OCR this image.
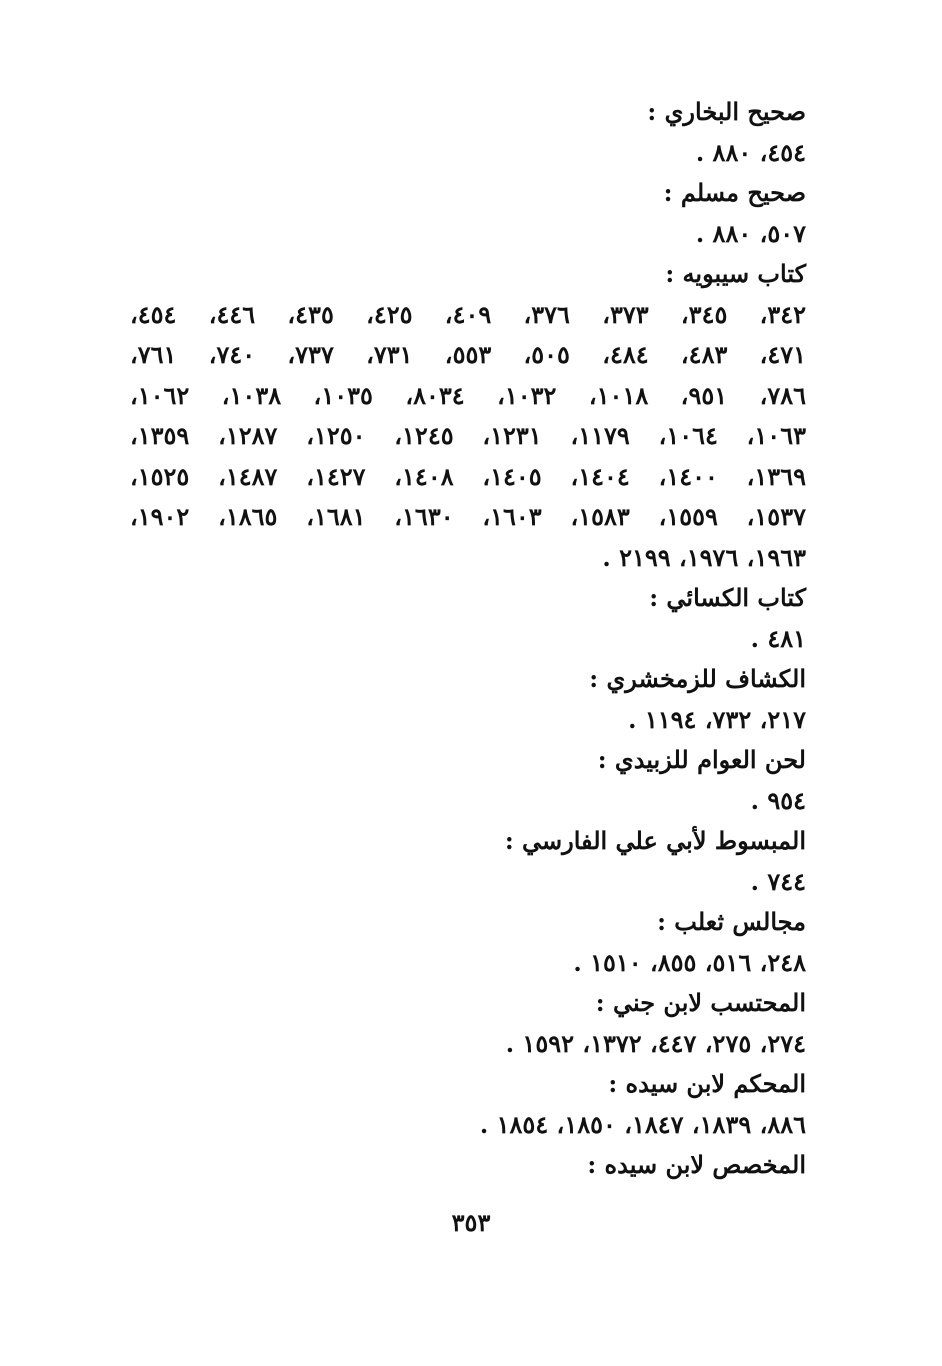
صحيح البخاري :
٤٥٤، ٨٨٠ .
صحيح مسلم :
٥٠٧، ٨٨٠ .
كتاب سيبويه :
٣٤٢، ٣٤٥، ٣٧٣، ٣٧٦، ٤٠٩، ٤٢٥، ٤٣٥، ٤٤٦، ٤٥٤،
٤٧١، ٤٨٣، ٤٨٤، ٥٠٥، ٥٥٣، ٧٣١، ٧٣٧، ٧٤٠، ٧٦١،
٧٨٦، ٩٥١، ١٠١٨، ١٠٣٢، ٨٠٣٤، ١٠٣٥، ١٠٣٨، ١٠٦٢،
١٠٦٣، ١٠٦٤، ١١٧٩، ١٢٣١، ١٢٤٥، ١٢٥٠، ١٢٨٧، ١٣٥٩،
١٣٦٩، ١٤٠٠، ١٤٠٤، ١٤٠٥، ١٤٠٨، ١٤٢٧، ١٤٨٧، ١٥٢٥،
١٥٣٧، ١٥٥٩، ١٥٨٣، ١٦٠٣، ١٦٣٠، ١٦٨١، ١٨٦٥، ١٩٠٢،
١٩٦٣، ١٩٧٦، ٢١٩٩ .
كتاب الكسائي :
٤٨١ .
الكشاف للزمخشري :
٢١٧، ٧٣٢، ١١٩٤ .
لحن العوام للزبيدي :
٩٥٤ .
المبسوط لأبي علي الفارسي :
٧٤٤ .
مجالس ثعلب :
٢٤٨، ٥١٦، ٨٥٥، ١٥١٠ .
المحتسب لابن جني :
٢٧٤، ٢٧٥، ٤٤٧، ١٣٧٢، ١٥٩٢ .
المحكم لابن سيده :
٨٨٦، ١٨٣٩، ١٨٤٧، ١٨٥٠، ١٨٥٤ .
المخصص لابن سيده :
٣٥٣
